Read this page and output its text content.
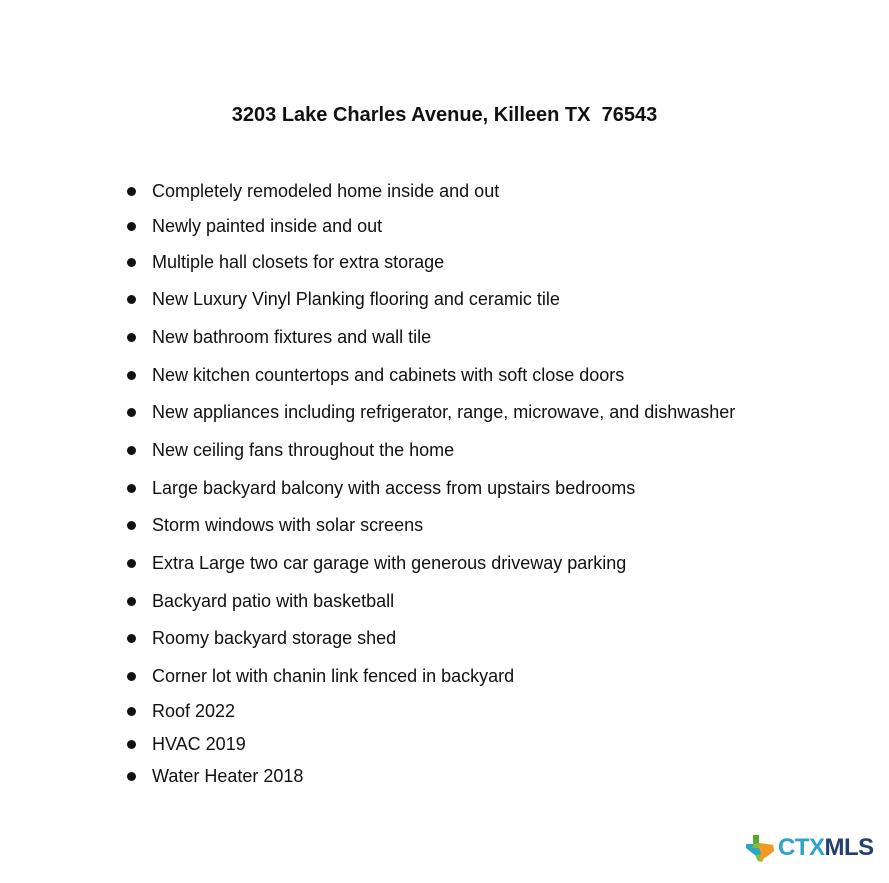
3203 Lake Charles Avenue, Killeen TX  76543
Completely remodeled home inside and out
Newly painted inside and out
Multiple hall closets for extra storage
New Luxury Vinyl Planking flooring and ceramic tile
New bathroom fixtures and wall tile
New kitchen countertops and cabinets with soft close doors
New appliances including refrigerator, range, microwave, and dishwasher
New ceiling fans throughout the home
Large backyard balcony with access from upstairs bedrooms
Storm windows with solar screens
Extra Large two car garage with generous driveway parking
Backyard patio with basketball
Roomy backyard storage shed
Corner lot with chanin link fenced in backyard
Roof 2022
HVAC 2019
Water Heater 2018
CTXMLS
